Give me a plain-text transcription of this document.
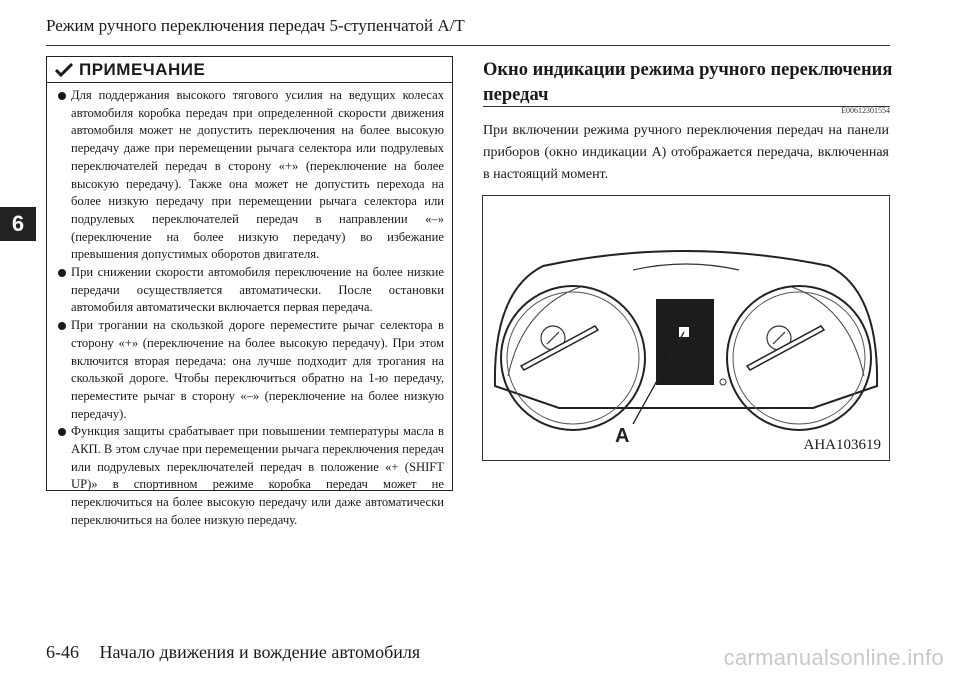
Режим ручного переключения передач 5-ступенчатой А/Т
6
ПРИМЕЧАНИЕ
Для поддержания высокого тягового усилия на ведущих колесах автомобиля коробка передач при определенной скорости движения автомобиля может не допустить переключения на более высокую передачу даже при перемещении рычага селектора или подрулевых переключателей передач в сторону «+» (переключение на более высокую передачу). Также она может не допустить перехода на более низкую передачу при перемещении рычага селектора или подрулевых переключателей передач в направлении «–» (переключение на более низкую передачу) во избежание превышения допустимых оборотов двигателя.
При снижении скорости автомобиля переключение на более низкие передачи осуществляется автоматически. После остановки автомобиля автоматически включается первая передача.
При трогании на скользкой дороге переместите рычаг селектора в сторону «+» (переключение на более высокую передачу). При этом включится вторая передача: она лучше подходит для трогания на скользкой дороге. Чтобы переключиться обратно на 1-ю передачу, переместите рычаг в сторону «–» (переключение на более низкую передачу).
Функция защиты срабатывает при повышении температуры масла в АКП. В этом случае при перемещении рычага переключения передач или подрулевых переключателей передач в положение «+ (SHIFT UP)» в спортивном режиме коробка передач может не переключиться на более высокую передачу или даже автоматически переключиться на более низкую передачу.
Окно индикации режима ручного переключения передач
E00612301554
При включении режима ручного переключения передач на панели приборов (окно индикации A) отображается передача, включенная в настоящий момент.
A	AHA103619
6-46 Начало движения и вождение автомобиля	carmanualsonline.info
